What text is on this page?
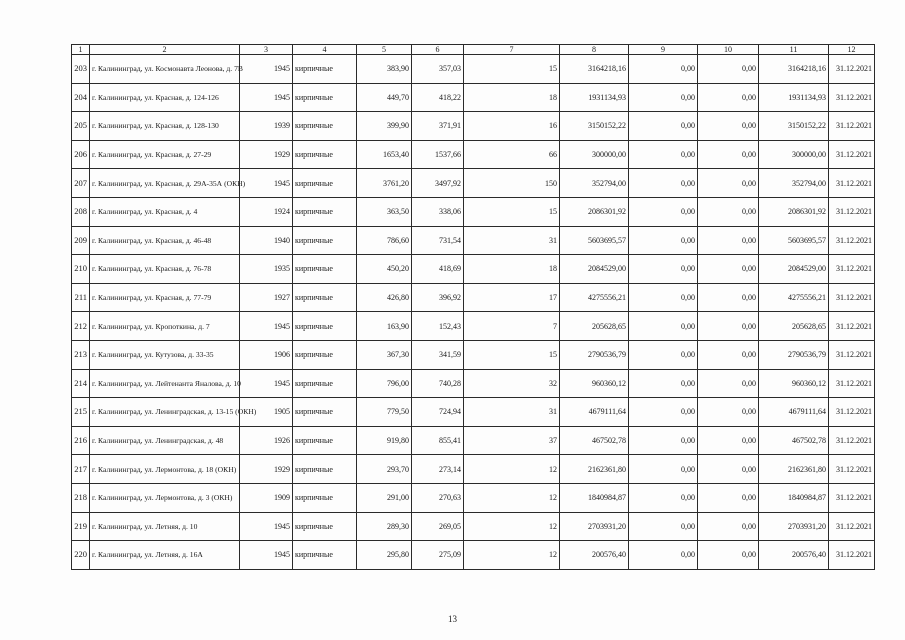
1	2	3	4	5	6	7	8	9	10	11	12
203	г. Калининград, ул. Космонавта Леонова, д. 7В	1945	кирпичные	383,90	357,03	15	3164218,16	0,00	0,00	3164218,16	31.12.2021
204	г. Калининград, ул. Красная, д. 124-126	1945	кирпичные	449,70	418,22	18	1931134,93	0,00	0,00	1931134,93	31.12.2021
205	г. Калининград, ул. Красная, д. 128-130	1939	кирпичные	399,90	371,91	16	3150152,22	0,00	0,00	3150152,22	31.12.2021
206	г. Калининград, ул. Красная, д. 27-29	1929	кирпичные	1653,40	1537,66	66	300000,00	0,00	0,00	300000,00	31.12.2021
207	г. Калининград, ул. Красная, д. 29А-35А (ОКН)	1945	кирпичные	3761,20	3497,92	150	352794,00	0,00	0,00	352794,00	31.12.2021
208	г. Калининград, ул. Красная, д. 4	1924	кирпичные	363,50	338,06	15	2086301,92	0,00	0,00	2086301,92	31.12.2021
209	г. Калининград, ул. Красная, д. 46-48	1940	кирпичные	786,60	731,54	31	5603695,57	0,00	0,00	5603695,57	31.12.2021
210	г. Калининград, ул. Красная, д. 76-78	1935	кирпичные	450,20	418,69	18	2084529,00	0,00	0,00	2084529,00	31.12.2021
211	г. Калининград, ул. Красная, д. 77-79	1927	кирпичные	426,80	396,92	17	4275556,21	0,00	0,00	4275556,21	31.12.2021
212	г. Калининград, ул. Кропоткина, д. 7	1945	кирпичные	163,90	152,43	7	205628,65	0,00	0,00	205628,65	31.12.2021
213	г. Калининград, ул. Кутузова, д. 33-35	1906	кирпичные	367,30	341,59	15	2790536,79	0,00	0,00	2790536,79	31.12.2021
214	г. Калининград, ул. Лейтенанта Яналова, д. 10	1945	кирпичные	796,00	740,28	32	960360,12	0,00	0,00	960360,12	31.12.2021
215	г. Калининград, ул. Ленинградская, д. 13-15 (ОКН)	1905	кирпичные	779,50	724,94	31	4679111,64	0,00	0,00	4679111,64	31.12.2021
216	г. Калининград, ул. Ленинградская, д. 48	1926	кирпичные	919,80	855,41	37	467502,78	0,00	0,00	467502,78	31.12.2021
217	г. Калининград, ул. Лермонтова, д. 18 (ОКН)	1929	кирпичные	293,70	273,14	12	2162361,80	0,00	0,00	2162361,80	31.12.2021
218	г. Калининград, ул. Лермонтова, д. 3 (ОКН)	1909	кирпичные	291,00	270,63	12	1840984,87	0,00	0,00	1840984,87	31.12.2021
219	г. Калининград, ул. Летняя, д. 10	1945	кирпичные	289,30	269,05	12	2703931,20	0,00	0,00	2703931,20	31.12.2021
220	г. Калининград, ул. Летняя, д. 16А	1945	кирпичные	295,80	275,09	12	200576,40	0,00	0,00	200576,40	31.12.2021
13
